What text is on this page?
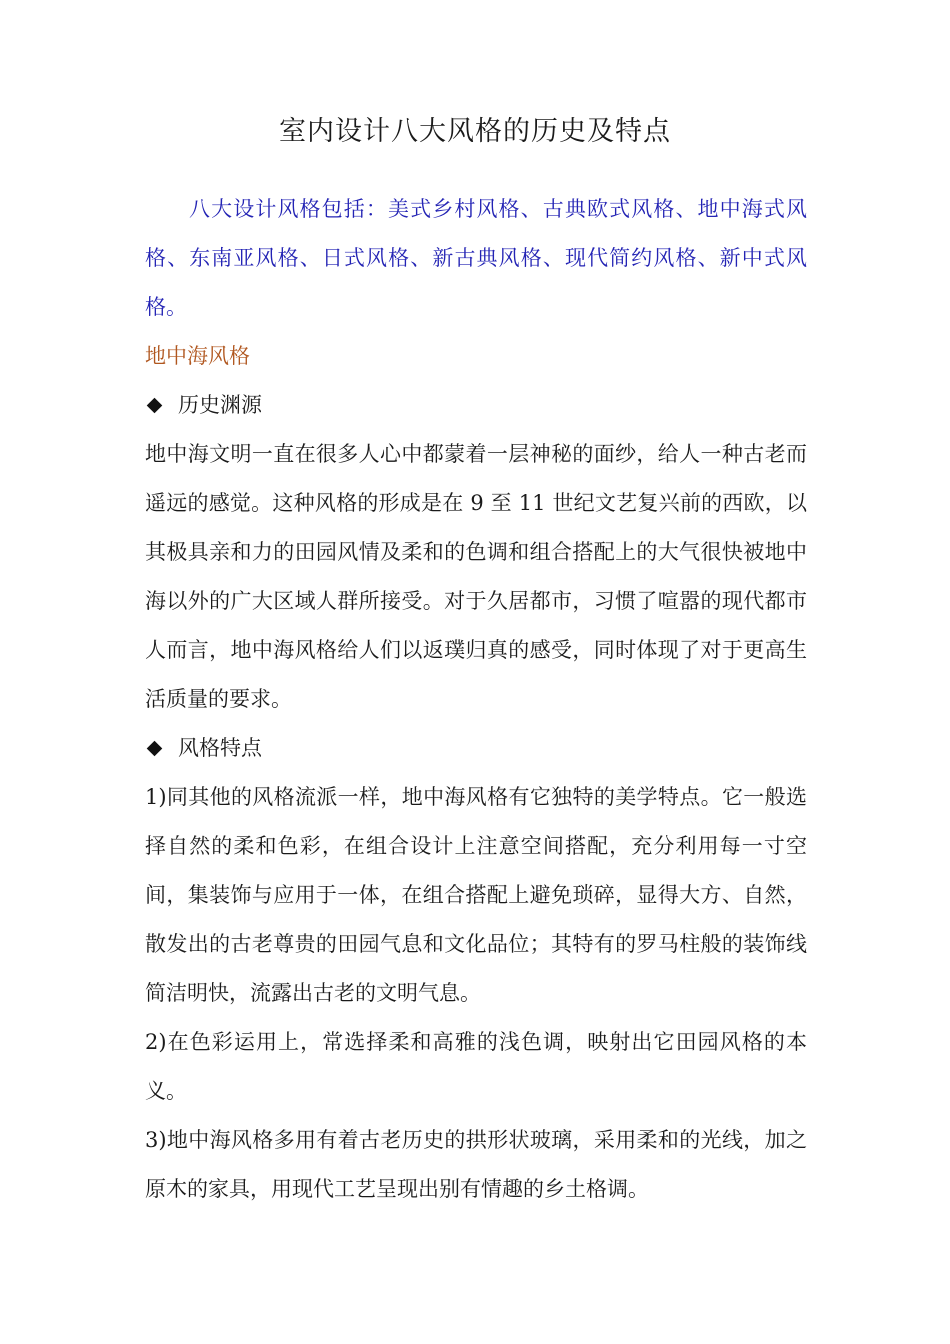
室内设计八大风格的历史及特点

八大设计风格包括：美式乡村风格、古典欧式风格、地中海式风格、东南亚风格、日式风格、新古典风格、现代简约风格、新中式风格。

地中海风格

历史渊源

地中海文明一直在很多人心中都蒙着一层神秘的面纱，给人一种古老而遥远的感觉。这种风格的形成是在 9 至 11 世纪文艺复兴前的西欧，以其极具亲和力的田园风情及柔和的色调和组合搭配上的大气很快被地中海以外的广大区域人群所接受。对于久居都市，习惯了喧嚣的现代都市人而言，地中海风格给人们以返璞归真的感受，同时体现了对于更高生活质量的要求。

风格特点

1)同其他的风格流派一样，地中海风格有它独特的美学特点。它一般选择自然的柔和色彩，在组合设计上注意空间搭配，充分利用每一寸空间，集装饰与应用于一体，在组合搭配上避免琐碎，显得大方、自然，散发出的古老尊贵的田园气息和文化品位；其特有的罗马柱般的装饰线简洁明快，流露出古老的文明气息。

2)在色彩运用上，常选择柔和高雅的浅色调，映射出它田园风格的本义。

3)地中海风格多用有着古老历史的拱形状玻璃，采用柔和的光线，加之原木的家具，用现代工艺呈现出别有情趣的乡土格调。
